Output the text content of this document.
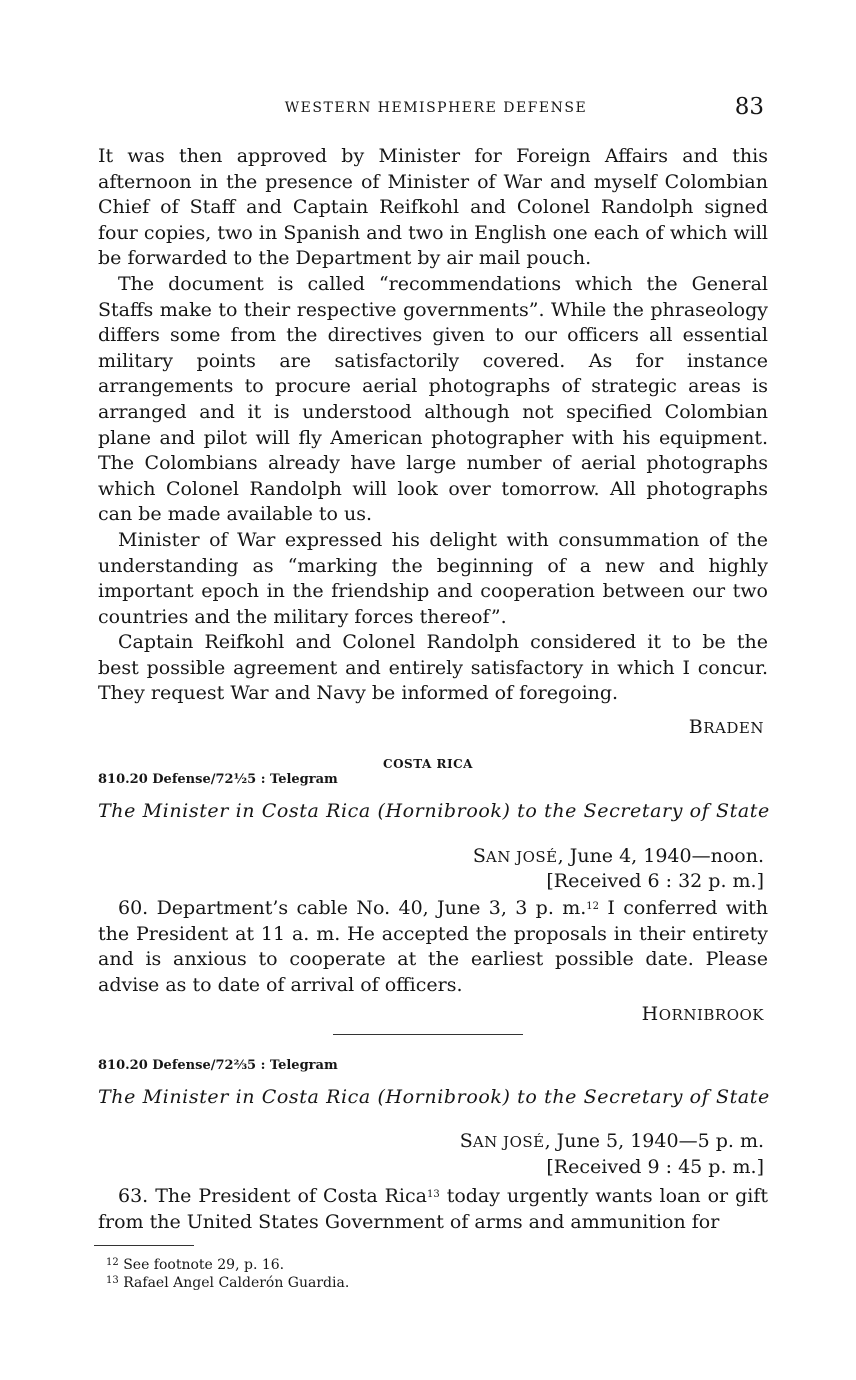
WESTERN HEMISPHERE DEFENSE	83

It was then approved by Minister for Foreign Affairs and this afternoon in the presence of Minister of War and myself Colombian Chief of Staff and Captain Reifkohl and Colonel Randolph signed four copies, two in Spanish and two in English one each of which will be forwarded to the Department by air mail pouch.

The document is called “recommendations which the General Staffs make to their respective governments”. While the phraseology differs some from the directives given to our officers all essential military points are satisfactorily covered. As for instance arrangements to procure aerial photographs of strategic areas is arranged and it is understood although not specified Colombian plane and pilot will fly American photographer with his equipment. The Colombians already have large number of aerial photographs which Colonel Randolph will look over tomorrow. All photographs can be made available to us.

Minister of War expressed his delight with consummation of the understanding as “marking the beginning of a new and highly important epoch in the friendship and cooperation between our two countries and the military forces thereof”.

Captain Reifkohl and Colonel Randolph considered it to be the best possible agreement and entirely satisfactory in which I concur. They request War and Navy be informed of foregoing.

BRADEN
COSTA RICA
810.20 Defense/72½5 : Telegram
The Minister in Costa Rica (Hornibrook) to the Secretary of State
SAN JOSÉ, June 4, 1940—noon.
[Received 6 : 32 p. m.]

60. Department’s cable No. 40, June 3, 3 p. m.$^{12}$ I conferred with the President at 11 a. m. He accepted the proposals in their entirety and is anxious to cooperate at the earliest possible date. Please advise as to date of arrival of officers.

HORNIBROOK
810.20 Defense/72⅔5 : Telegram
The Minister in Costa Rica (Hornibrook) to the Secretary of State
SAN JOSÉ, June 5, 1940—5 p. m.
[Received 9 : 45 p. m.]

63. The President of Costa Rica$^{13}$ today urgently wants loan or gift from the United States Government of arms and ammunition for

$^{12}$ See footnote 29, p. 16.
$^{13}$ Rafael Angel Calderón Guardia.
